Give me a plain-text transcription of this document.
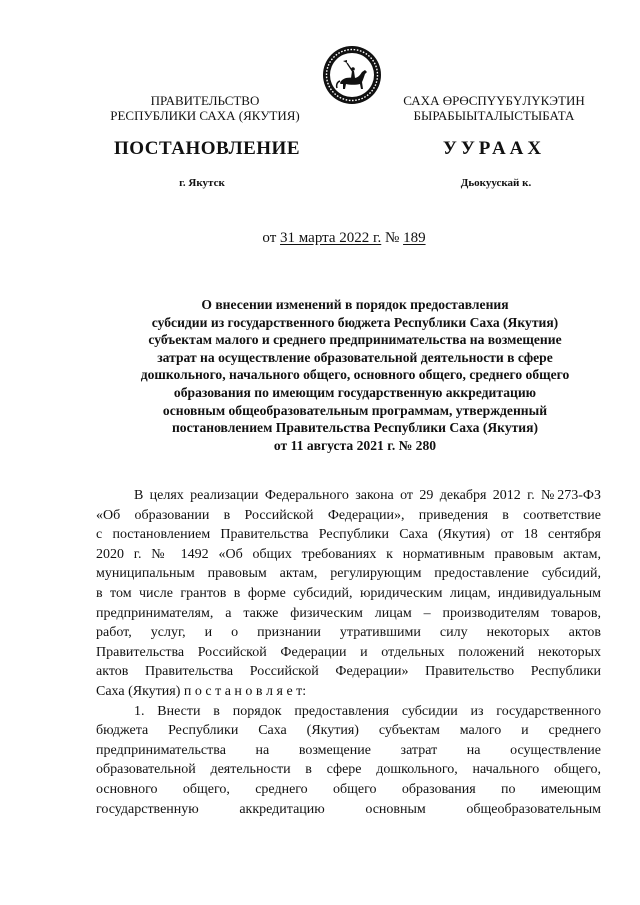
ПРАВИТЕЛЬСТВО
РЕСПУБЛИКИ САХА (ЯКУТИЯ)
САХА ӨРӨСПҮҮБҮЛҮКЭТИН
БЫРАБЫЫТАЛЫСТЫБАТА
ПОСТАНОВЛЕНИЕ	УУРААХ
г. Якутск	Дьокуускай к.
от 31 марта 2022 г. № 189
О внесении изменений в порядок предоставления
субсидии из государственного бюджета Республики Саха (Якутия)
субъектам малого и среднего предпринимательства на возмещение
затрат на осуществление образовательной деятельности в сфере
дошкольного, начального общего, основного общего, среднего общего
образования по имеющим государственную аккредитацию
основным общеобразовательным программам, утвержденный
постановлением Правительства Республики Саха (Якутия)
от 11 августа 2021 г. № 280
В целях реализации Федерального закона от 29 декабря 2012 г. №273-ФЗ
«Об образовании в Российской Федерации», приведения в соответствие
с постановлением Правительства Республики Саха (Якутия) от 18 сентября
2020 г. № 1492 «Об общих требованиях к нормативным правовым актам,
муниципальным правовым актам, регулирующим предоставление субсидий,
в том числе грантов в форме субсидий, юридическим лицам, индивидуальным
предпринимателям, а также физическим лицам – производителям товаров,
работ, услуг, и о признании утратившими силу некоторых актов
Правительства Российской Федерации и отдельных положений некоторых
актов Правительства Российской Федерации» Правительство Республики
Саха (Якутия) п о с т а н о в л я е т:
1. Внести в порядок предоставления субсидии из государственного
бюджета Республики Саха (Якутия) субъектам малого и среднего
предпринимательства на возмещение затрат на осуществление
образовательной деятельности в сфере дошкольного, начального общего,
основного общего, среднего общего образования по имеющим
государственную аккредитацию основным общеобразовательным
